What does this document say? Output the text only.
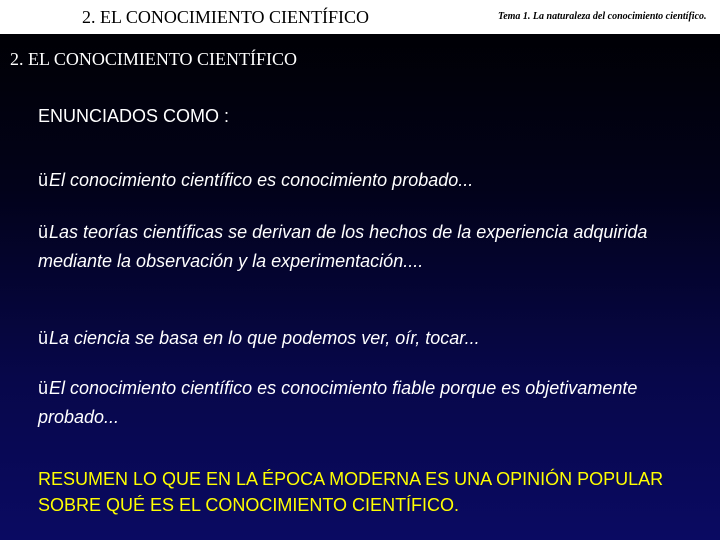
2. EL CONOCIMIENTO CIENTÍFICO	Tema 1. La naturaleza del conocimiento científico.
2. EL CONOCIMIENTO CIENTÍFICO
ENUNCIADOS COMO :
üEl conocimiento científico es conocimiento probado...
üLas teorías científicas se derivan de los hechos de la experiencia adquirida mediante la observación y la experimentación....
üLa ciencia se basa en lo que podemos ver, oír, tocar...
üEl conocimiento científico es conocimiento fiable porque es objetivamente probado...
RESUMEN LO QUE EN LA ÉPOCA MODERNA ES UNA OPINIÓN POPULAR SOBRE QUÉ ES EL CONOCIMIENTO CIENTÍFICO.
